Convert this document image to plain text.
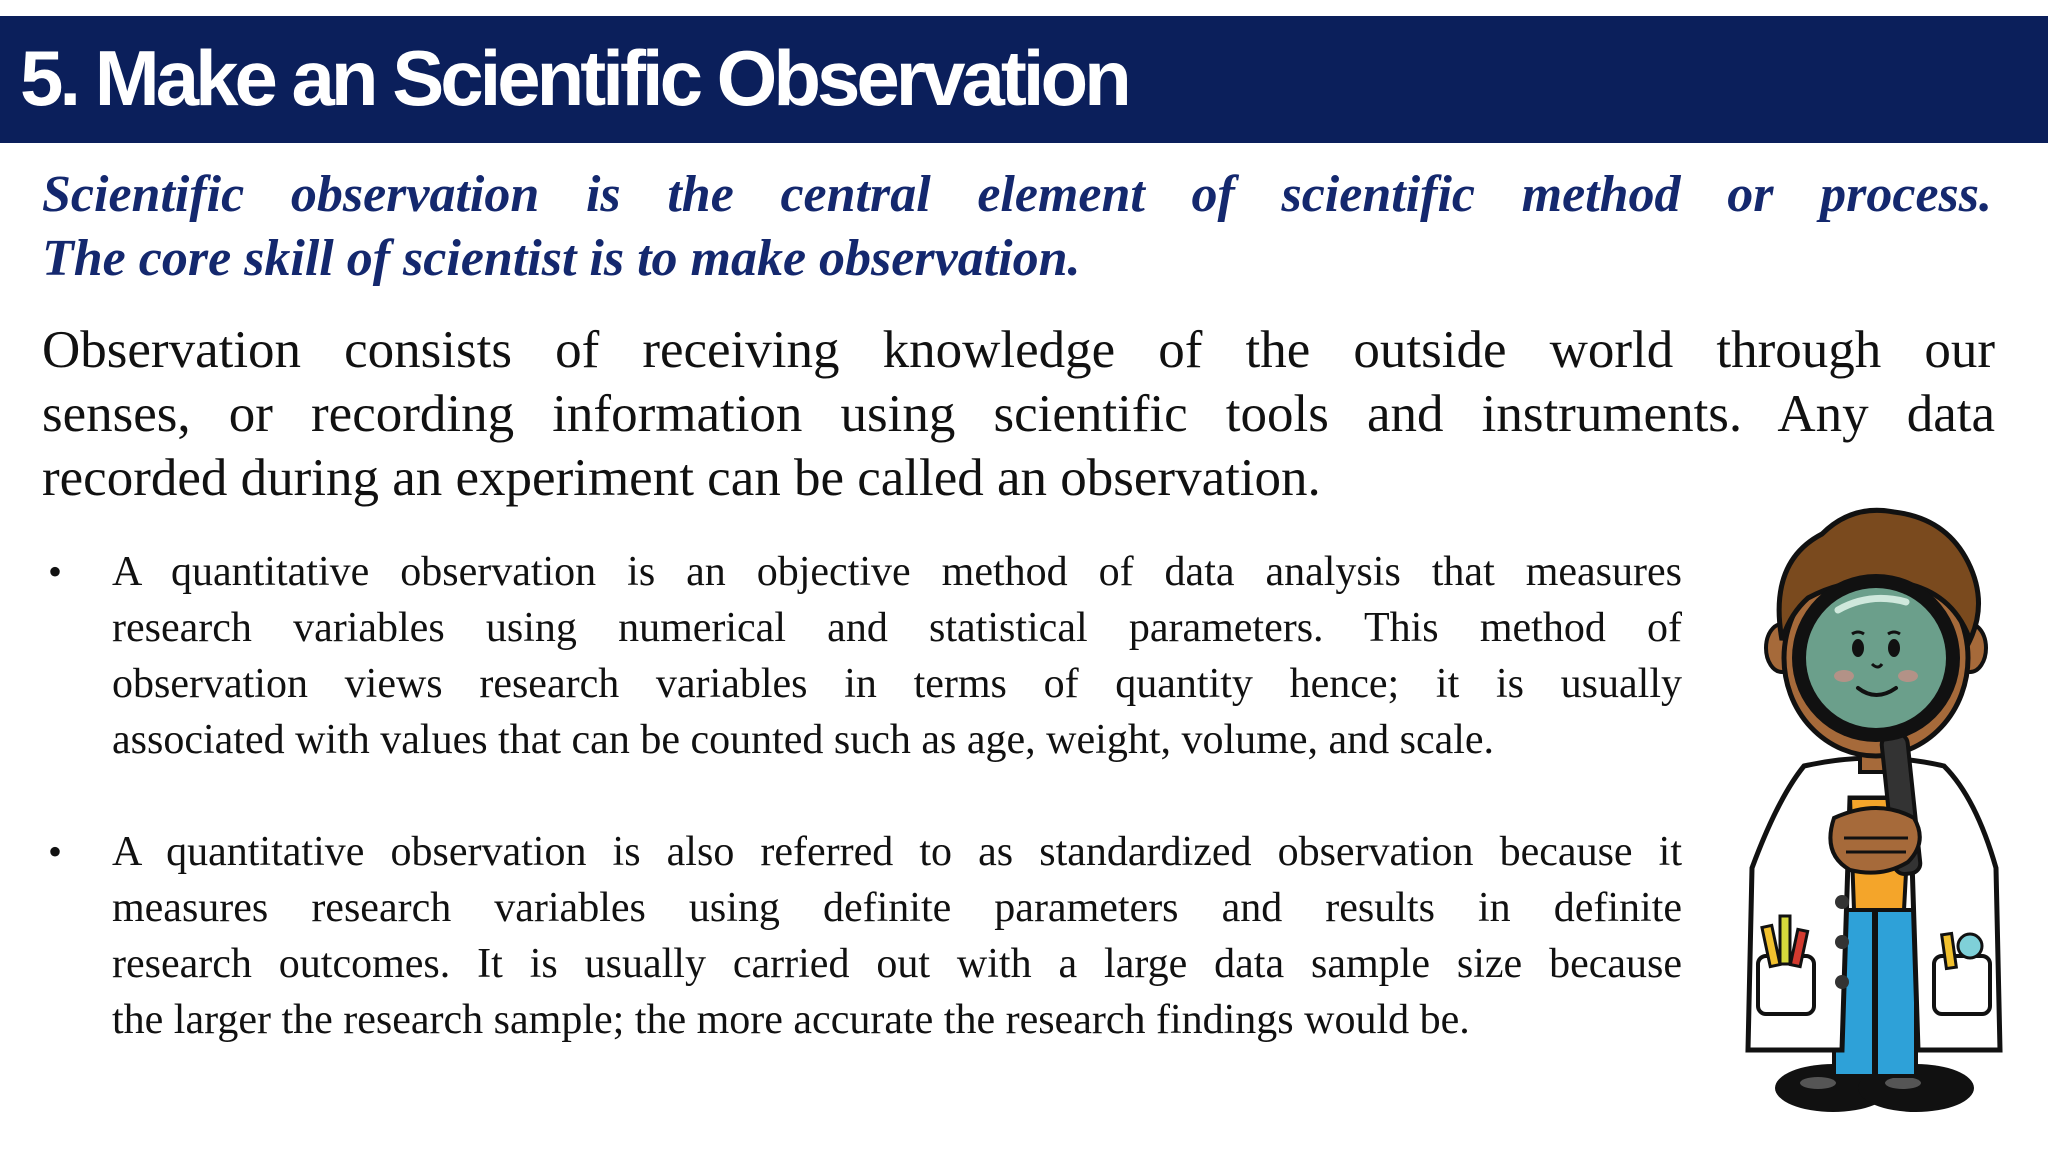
5. Make an Scientific Observation
Scientific observation is the central element of scientific method or process.
The core skill of scientist is to make observation.
Observation consists of receiving knowledge of the outside world through our
senses, or recording information using scientific tools and instruments. Any data
recorded during an experiment can be called an observation.
• A quantitative observation is an objective method of data analysis that measures
research variables using numerical and statistical parameters. This method of
observation views research variables in terms of quantity hence; it is usually
associated with values that can be counted such as age, weight, volume, and scale.
• A quantitative observation is also referred to as standardized observation because it
measures research variables using definite parameters and results in definite
research outcomes. It is usually carried out with a large data sample size because
the larger the research sample; the more accurate the research findings would be.
